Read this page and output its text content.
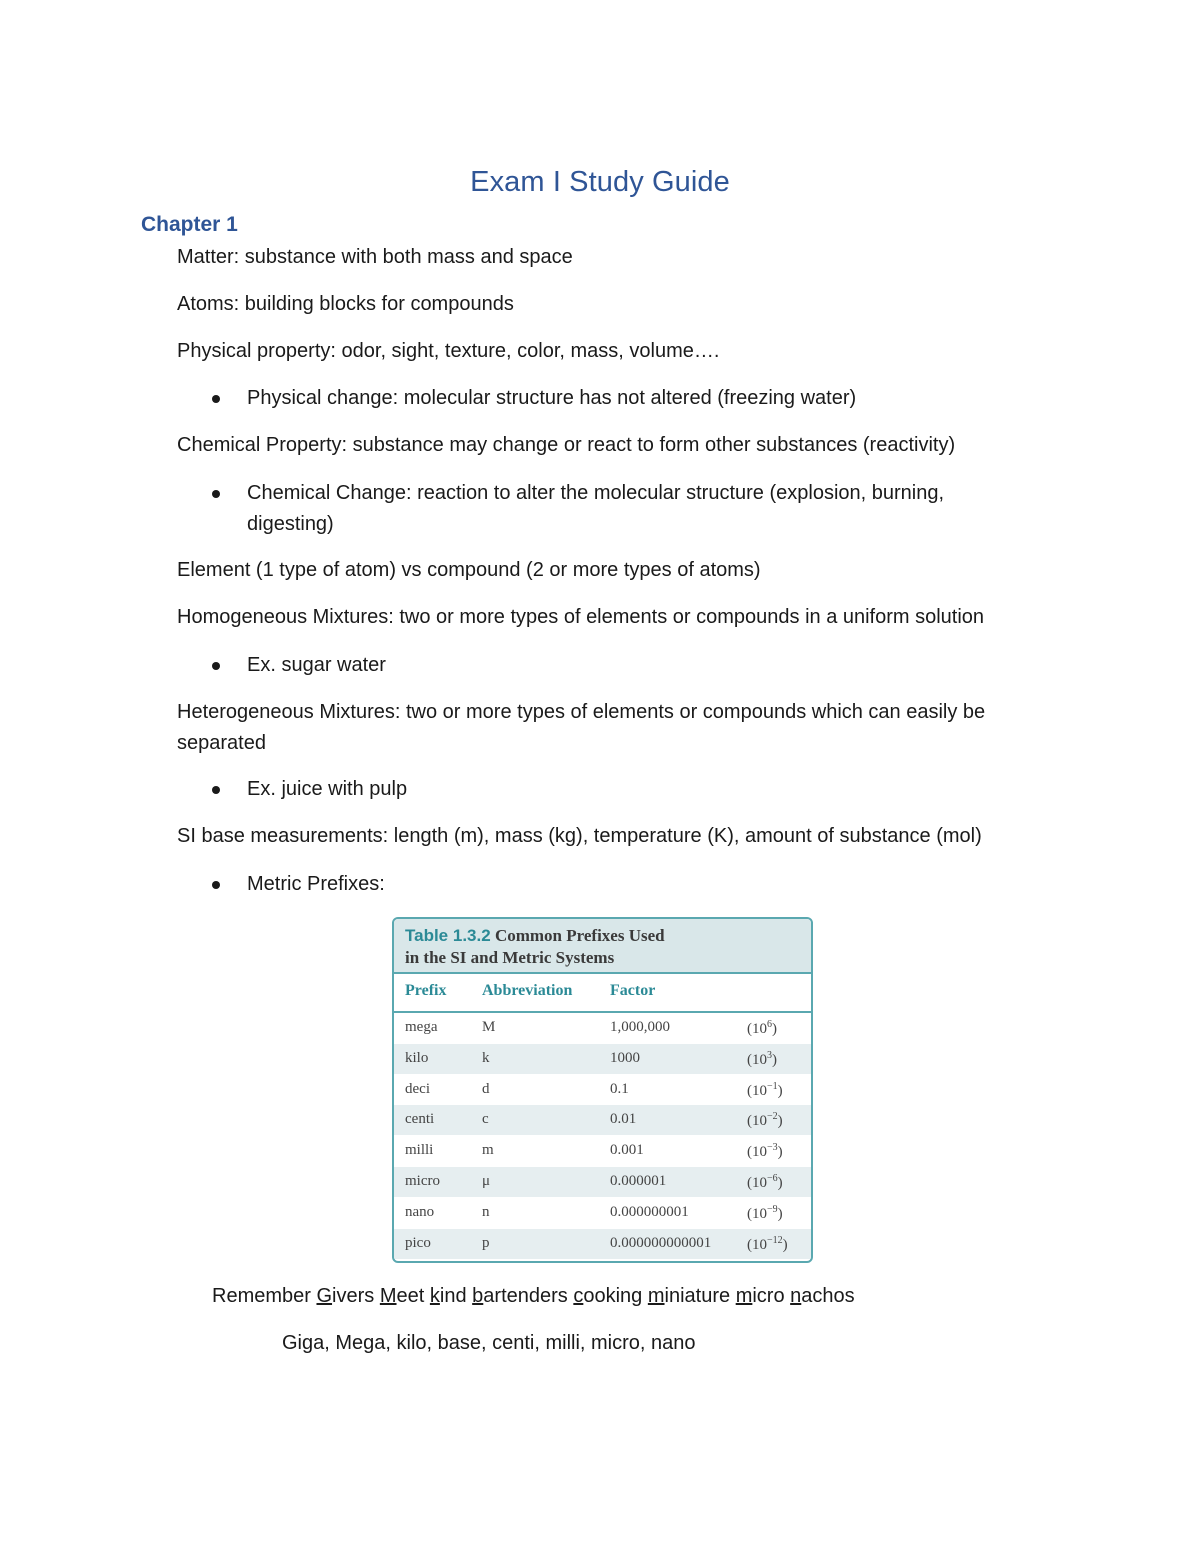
Exam I Study Guide
Chapter 1
Matter: substance with both mass and space
Atoms: building blocks for compounds
Physical property: odor, sight, texture, color, mass, volume….
Physical change: molecular structure has not altered (freezing water)
Chemical Property: substance may change or react to form other substances (reactivity)
Chemical Change: reaction to alter the molecular structure (explosion, burning, digesting)
Element (1 type of atom) vs compound (2 or more types of atoms)
Homogeneous Mixtures: two or more types of elements or compounds in a uniform solution
Ex. sugar water
Heterogeneous Mixtures: two or more types of elements or compounds which can easily be separated
Ex. juice with pulp
SI base measurements: length (m), mass (kg), temperature (K), amount of substance (mol)
Metric Prefixes:
Table 1.3.2 Common Prefixes Used
in the SI and Metric Systems
Prefix Abbreviation Factor
mega	M	1,000,000	$(10^6)$
kilo	k	1000	$(10^3)$
deci	d	0.1	$(10^{-1})$
centi	c	0.01	$(10^{-2})$
milli	m	0.001	$(10^{-3})$
micro	μ	0.000001	$(10^{-6})$
nano	n	0.000000001	$(10^{-9})$
pico	p	0.000000000001 $(10^{-12})$
Remember Givers Meet kind bartenders cooking miniature micro nachos
Giga, Mega, kilo, base, centi, milli, micro, nano
